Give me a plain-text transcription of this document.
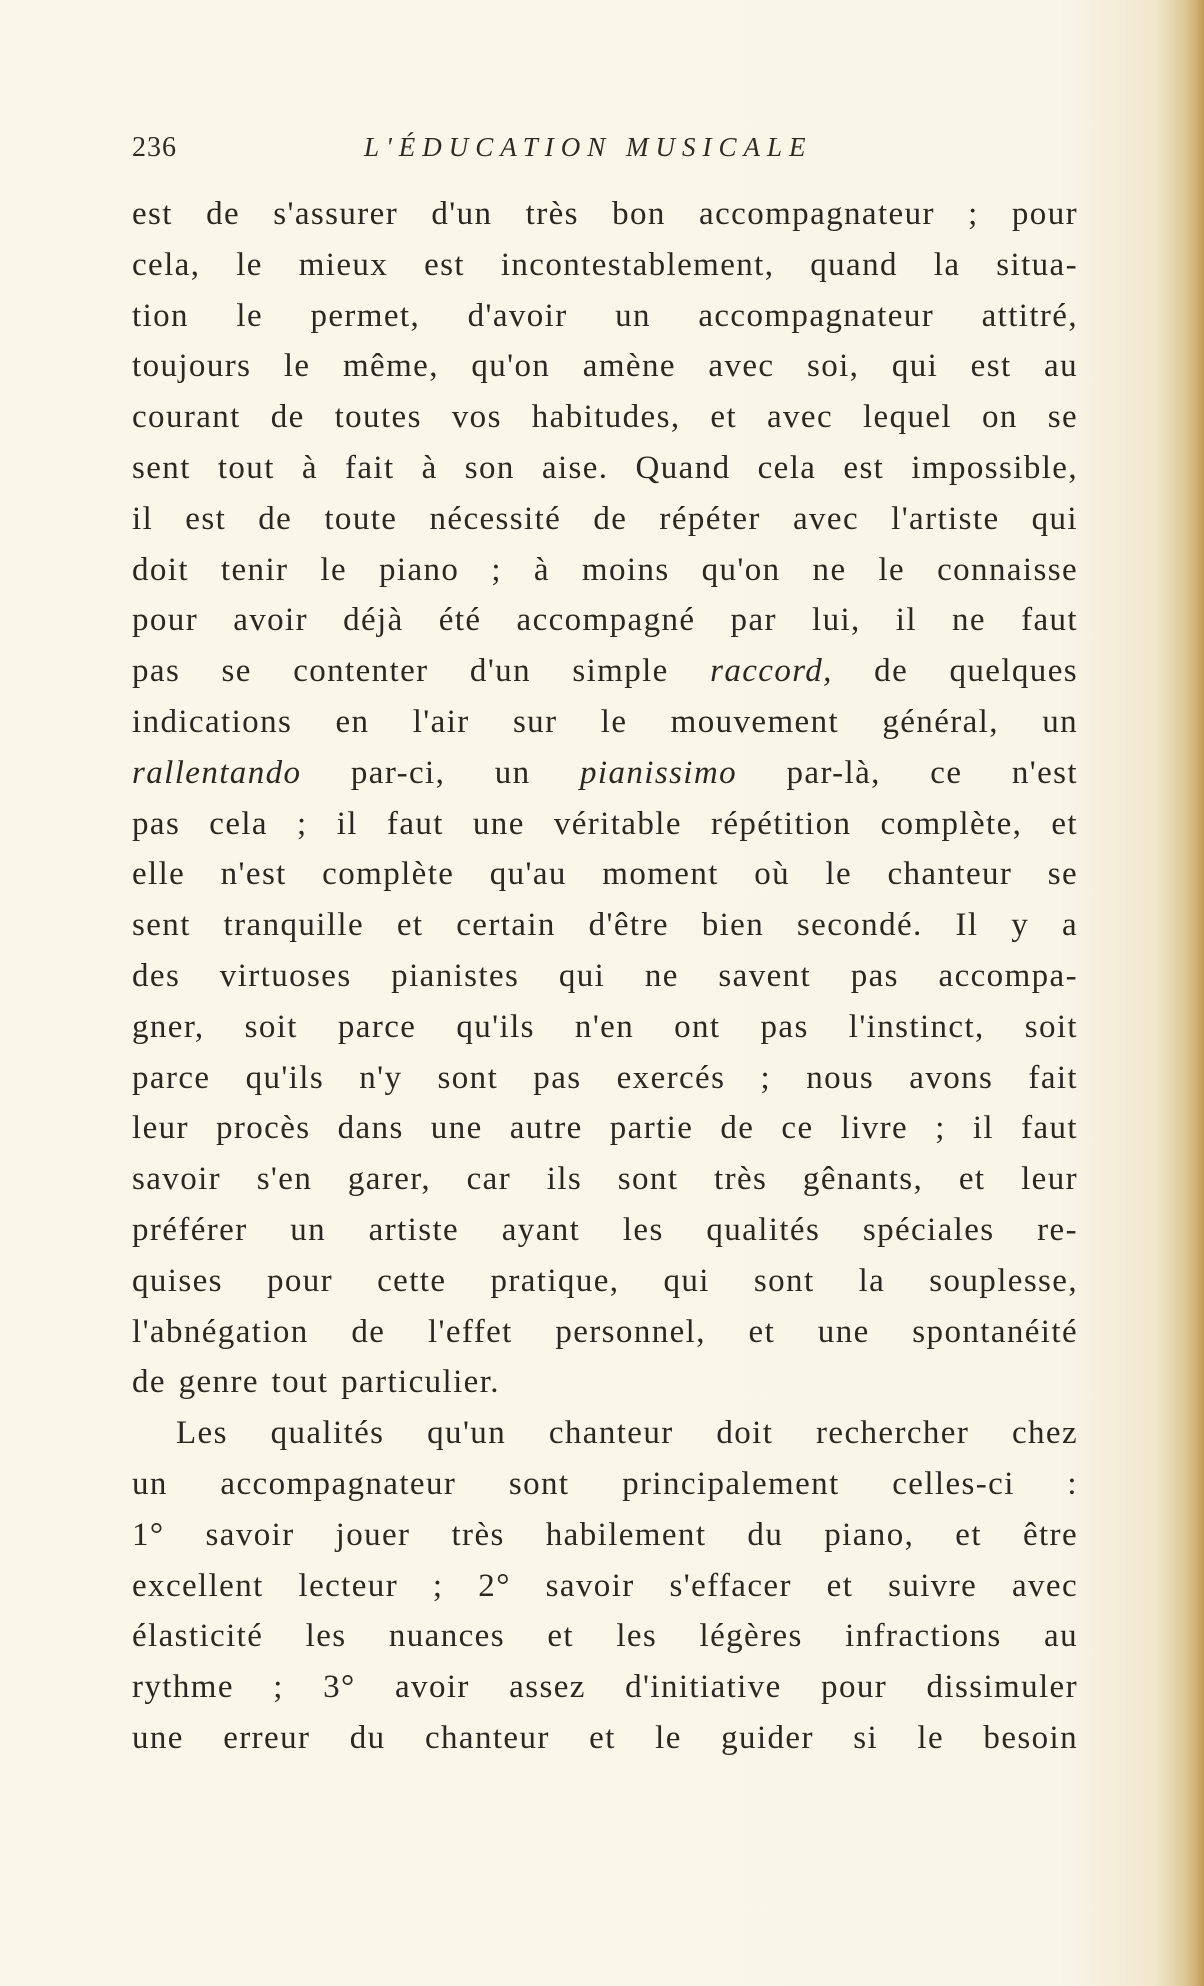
236	L'ÉDUCATION MUSICALE
est de s'assurer d'un très bon accompagnateur ; pour
cela, le mieux est incontestablement, quand la situa-
tion le permet, d'avoir un accompagnateur attitré,
toujours le même, qu'on amène avec soi, qui est au
courant de toutes vos habitudes, et avec lequel on se
sent tout à fait à son aise. Quand cela est impossible,
il est de toute nécessité de répéter avec l'artiste qui
doit tenir le piano ; à moins qu'on ne le connaisse
pour avoir déjà été accompagné par lui, il ne faut
pas se contenter d'un simple raccord, de quelques
indications en l'air sur le mouvement général, un
rallentando par-ci, un pianissimo par-là, ce n'est
pas cela ; il faut une véritable répétition complète, et
elle n'est complète qu'au moment où le chanteur se
sent tranquille et certain d'être bien secondé. Il y a
des virtuoses pianistes qui ne savent pas accompa-
gner, soit parce qu'ils n'en ont pas l'instinct, soit
parce qu'ils n'y sont pas exercés ; nous avons fait
leur procès dans une autre partie de ce livre ; il faut
savoir s'en garer, car ils sont très gênants, et leur
préférer un artiste ayant les qualités spéciales re-
quises pour cette pratique, qui sont la souplesse,
l'abnégation de l'effet personnel, et une spontanéité
de genre tout particulier.
Les qualités qu'un chanteur doit rechercher chez
un accompagnateur sont principalement celles-ci :
1° savoir jouer très habilement du piano, et être
excellent lecteur ; 2° savoir s'effacer et suivre avec
élasticité les nuances et les légères infractions au
rythme ; 3° avoir assez d'initiative pour dissimuler
une erreur du chanteur et le guider si le besoin
